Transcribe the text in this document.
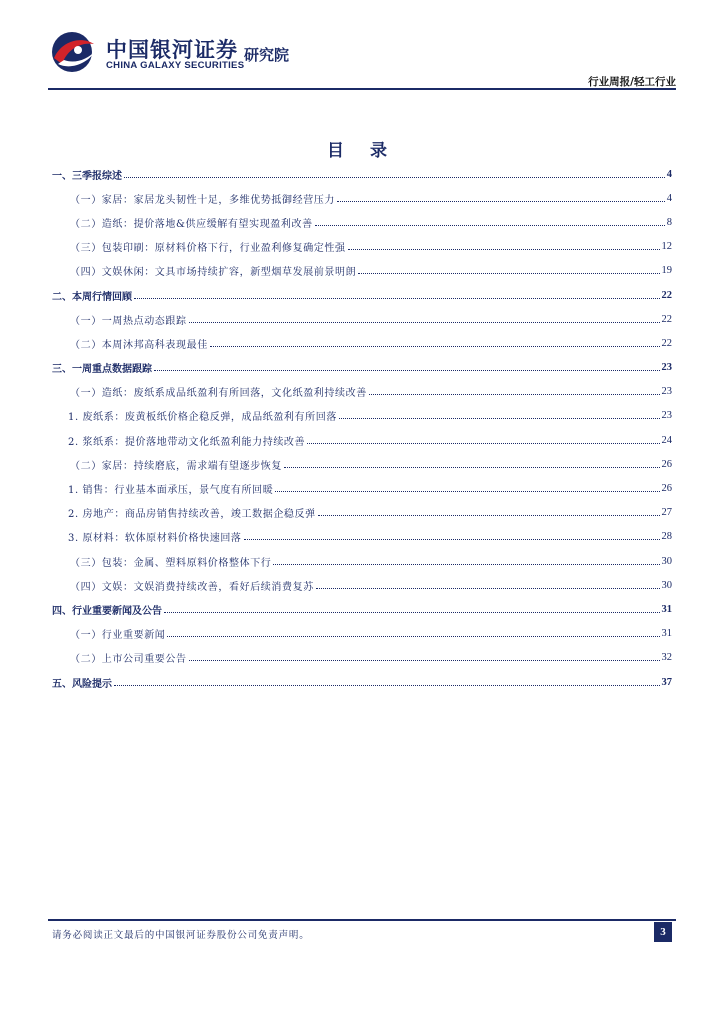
中国银河证券
CHINA GALAXY SECURITIES
研究院
行业周报/轻工行业
目 录
一、三季报综述	4
（一）家居：家居龙头韧性十足，多维优势抵御经营压力	4
（二）造纸：提价落地&供应缓解有望实现盈利改善	8
（三）包装印刷：原材料价格下行，行业盈利修复确定性强	12
（四）文娱休闲：文具市场持续扩容，新型烟草发展前景明朗	19
二、本周行情回顾	22
（一）一周热点动态跟踪	22
（二）本周沐邦高科表现最佳	22
三、一周重点数据跟踪	23
（一）造纸：废纸系成品纸盈利有所回落，文化纸盈利持续改善	23
1. 废纸系：废黄板纸价格企稳反弹，成品纸盈利有所回落	23
2. 浆纸系：提价落地带动文化纸盈利能力持续改善	24
（二）家居：持续磨底，需求端有望逐步恢复	26
1. 销售：行业基本面承压，景气度有所回暖	26
2. 房地产：商品房销售持续改善，竣工数据企稳反弹	27
3. 原材料：软体原材料价格快速回落	28
（三）包装：金属、塑料原料价格整体下行	30
（四）文娱：文娱消费持续改善，看好后续消费复苏	30
四、行业重要新闻及公告	31
（一）行业重要新闻	31
（二）上市公司重要公告	32
五、风险提示	37
请务必阅读正文最后的中国银河证券股份公司免责声明。	3
